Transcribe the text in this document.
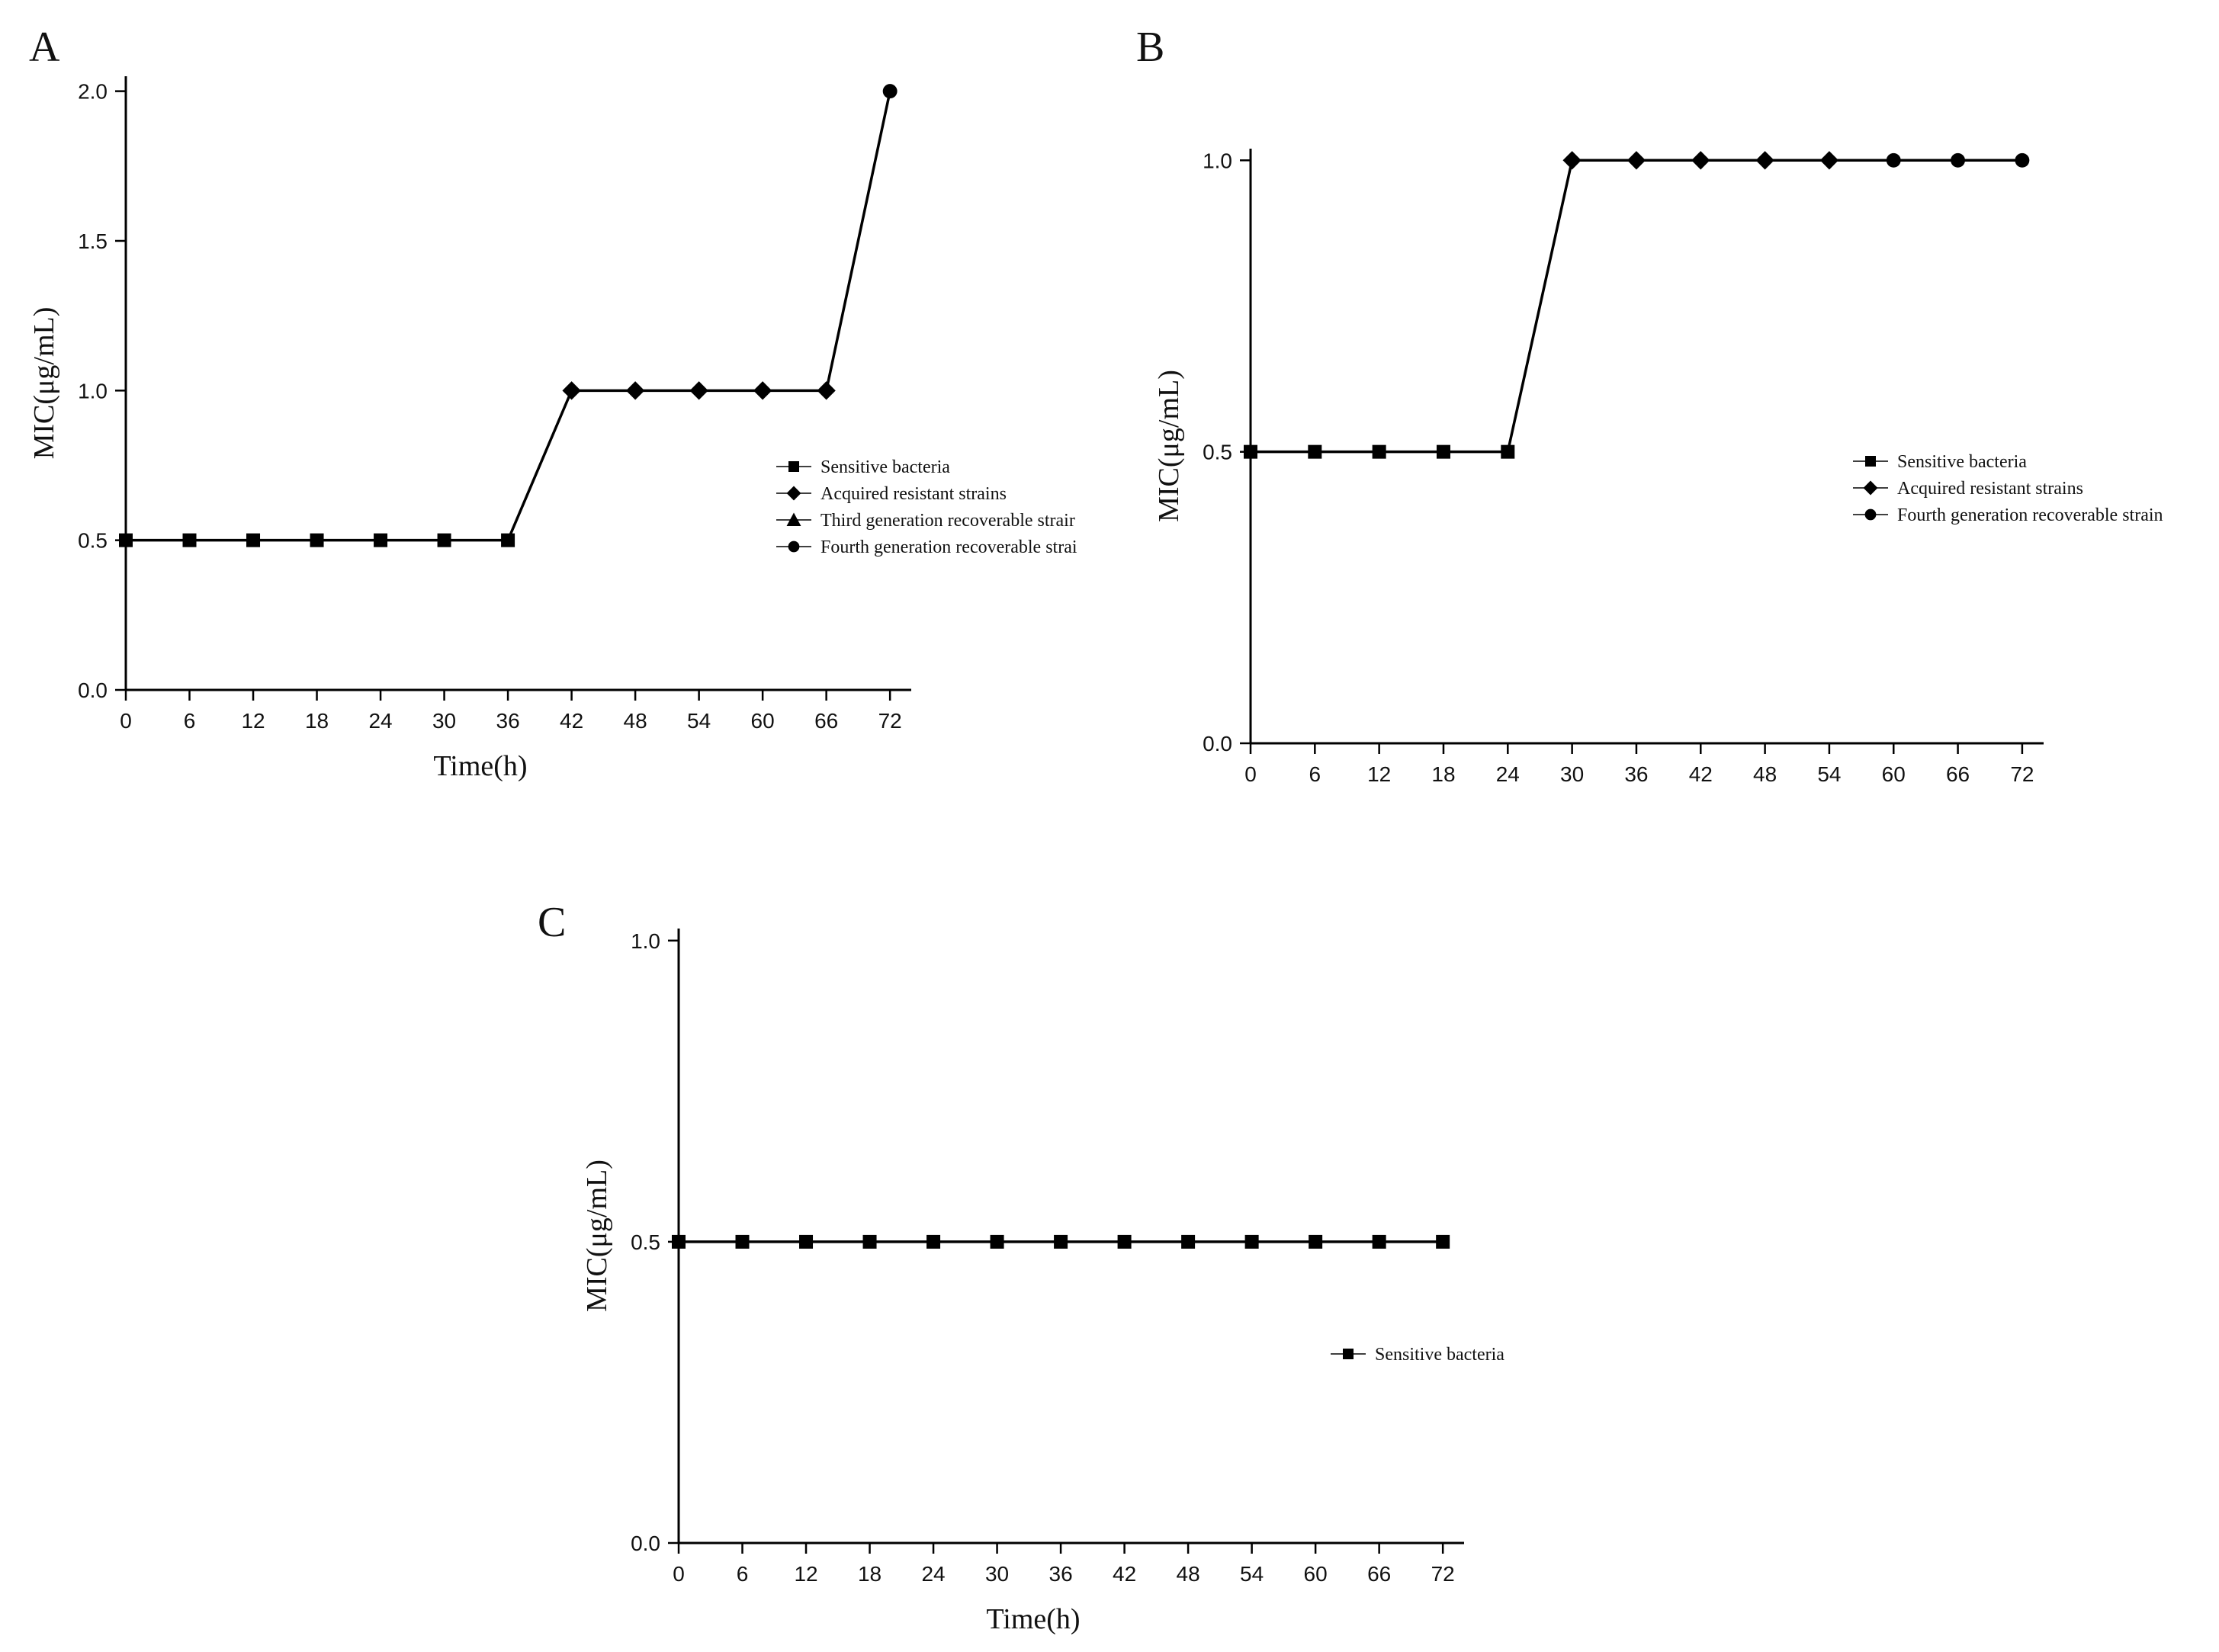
A
0 6 12 18 24 30 36 42 48 54 60 66 72
0.0
0.5
1.0
1.5
2.0
Time(h)
MIC(μg/mL)
Sensitive bacteria
Acquired resistant strains
Third generation recoverable strair
Fourth generation recoverable strai
B
0 6 12 18 24 30 36 42 48 54 60 66 72
0.0
0.5
1.0
MIC(μg/mL)	Sensitive bacteria
Acquired resistant strains
Fourth generation recoverable strain
C
0 6 12 18 24 30 36 42 48 54 60 66 72
0.0
0.5
1.0
Time(h)
MIC(μg/mL)
Sensitive bacteria
